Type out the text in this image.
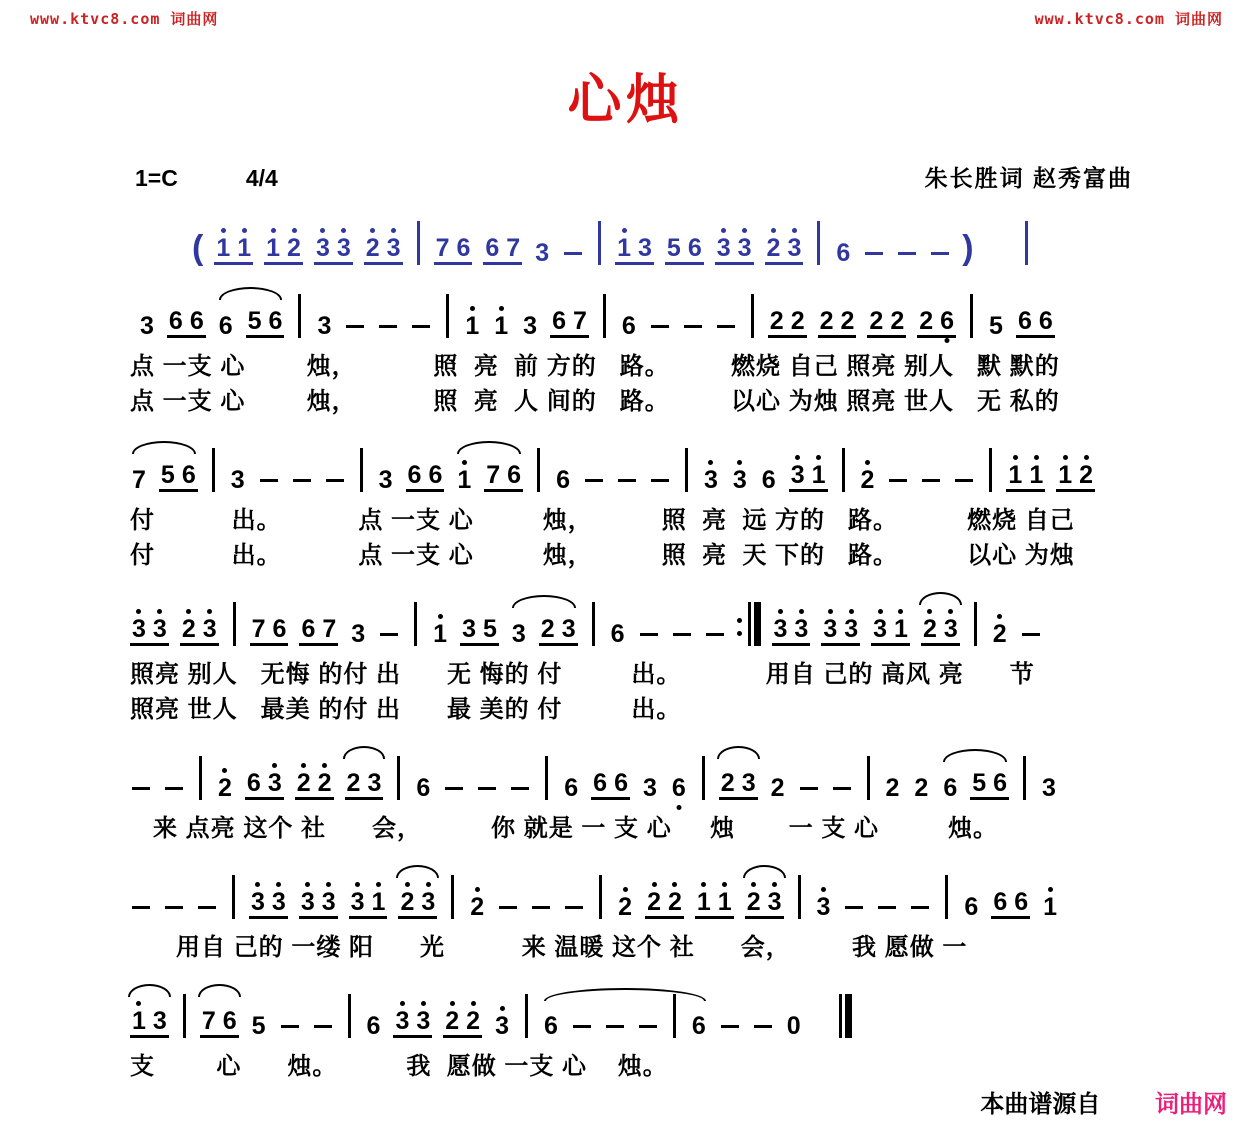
www.ktvc8.com 词曲网	www.ktvc8.com 词曲网
心烛
1=C	4/4	朱长胜词 赵秀富曲
( 1 1 1 2 3 3 2 3 7 6 6 7 3	1 3 5 6 3 3 2 3 6	)
3 6 6 6 5 6 3	1 1 3 6 7 6	2 2 2 2 2 2 2 6 5 6 6
点 一支 心        烛，          照  亮  前 方的   路。        燃烧 自己 照亮 别人   默 默的
点 一支 心        烛，          照  亮  人 间的   路。        以心 为烛 照亮 世人   无 私的
7 5 6 3	3 6 6 1 7 6 6	3 3 6 3 1 2	1 1 1 2
付          出。          点 一支 心         烛，         照  亮  远 方的   路。         燃烧 自己
付          出。          点 一支 心         烛，         照  亮  天 下的   路。         以心 为烛
3 3 2 3 7 6 6 7 3	1 3 5 3 2 3 6	3 3 3 3 3 1 2 3 2
照亮 别人   无悔 的付 出      无 悔的 付         出。           用自 己的 高风 亮      节
照亮 世人   最美 的付 出      最 美的 付         出。
2 6 3 2 2 2 3 6	6 6 6 3 6 2 3 2	2 2 6 5 6 3
来 点亮 这个 社      会，         你 就是 一 支 心     烛       一 支 心         烛。
3 3 3 3 3 1 2 3 2	2 2 2 1 1 2 3 3	6 6 6 1
用自 己的 一缕 阳      光          来 温暖 这个 社      会，        我 愿做 一
1 3 7 6 5	6 3 3 2 2 3 6	6	0
支        心      烛。         我  愿做 一支 心    烛。
本曲谱源自 词曲网
